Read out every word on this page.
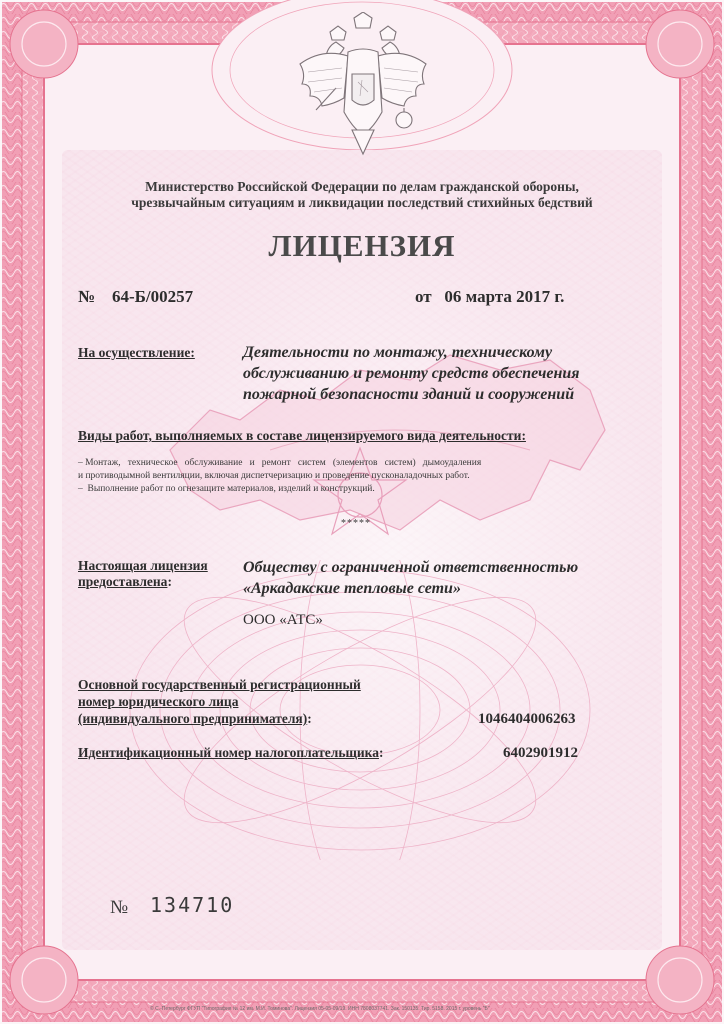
Министерство Российской Федерации по делам гражданской обороны,
чрезвычайным ситуациям и ликвидации последствий стихийных бедствий
ЛИЦЕНЗИЯ
№ 64-Б/00257	от   06 марта 2017 г.
На осуществление:	Деятельности по монтажу, техническому
обслуживанию и ремонту средств обеспечения
пожарной безопасности зданий и сооружений
Виды работ, выполняемых в составе лицензируемого вида деятельности:
– Монтаж,   техническое   обслуживание   и   ремонт   систем   (элементов   систем)   дымоудаления
и противодымной вентиляции, включая диспетчеризацию и проведение пусконаладочных работ.
–  Выполнение работ по огнезащите материалов, изделий и конструкций.
*****
Настоящая лицензия
предоставлена:
Обществу с ограниченной ответственностью
«Аркадакские тепловые сети»
ООО «АТС»
Основной государственный регистрационный
номер юридического лица
(индивидуального предпринимателя):	1046404006263
Идентификационный номер налогоплательщика:	6402901912
№ 134710
© С.-Петербург ФГУП "Типография № 12 им. М.И. Томинова". Лицензия 05-05-09/19. ИНН 7808037741. Зак. 150135. Тир. 5158. 2015 г. уровень "Б"
